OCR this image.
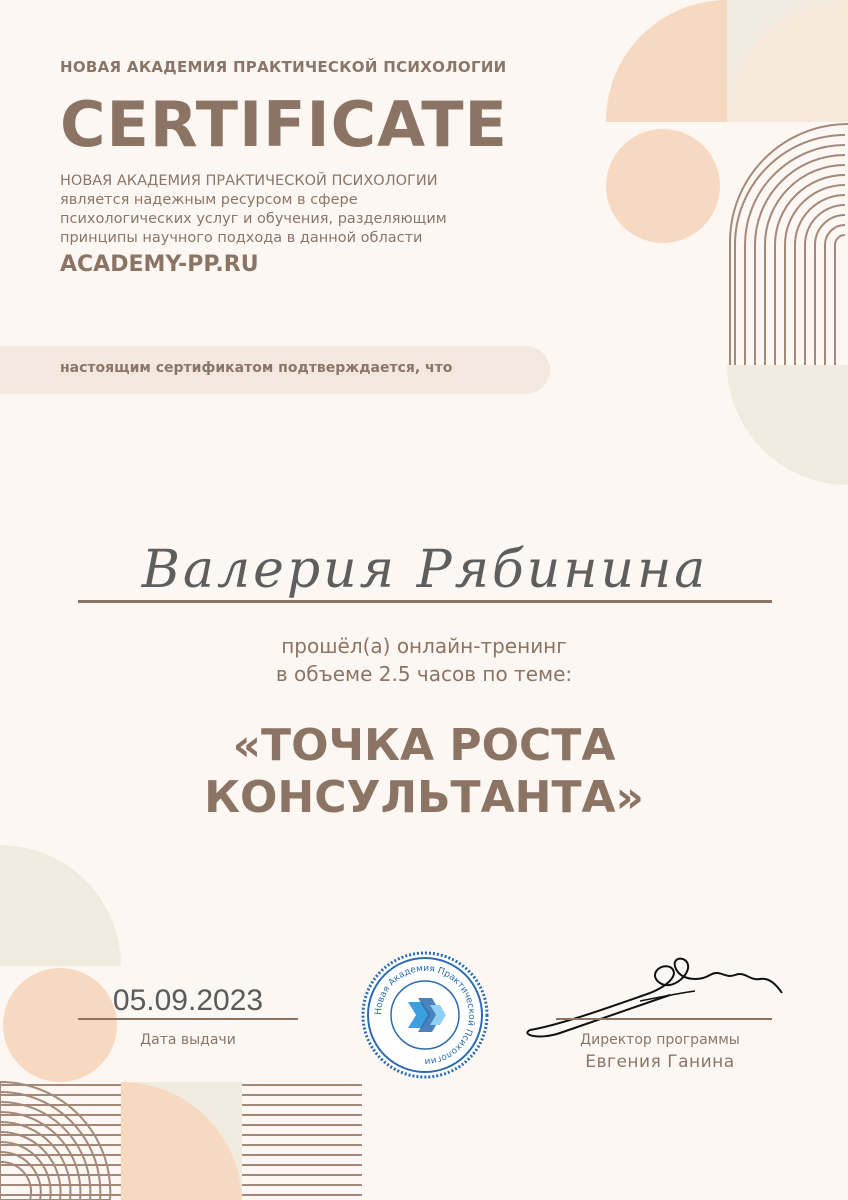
НОВАЯ АКАДЕМИЯ ПРАКТИЧЕСКОЙ ПСИХОЛОГИИ
CERTIFICATE
НОВАЯ АКАДЕМИЯ ПРАКТИЧЕСКОЙ ПСИХОЛОГИИ
является надежным ресурсом в сфере
психологических услуг и обучения, разделяющим
принципы научного подхода в данной области
ACADEMY-PP.RU
настоящим сертификатом подтверждается, что
Валерия Рябинина
прошёл(а) онлайн-тренинг
в объеме 2.5 часов по теме:
«ТОЧКА РОСТА
КОНСУЛЬТАНТА»
05.09.2023
Дата выдачи
Новая Академия Практической Психологии
Директор программы
Евгения Ганина
